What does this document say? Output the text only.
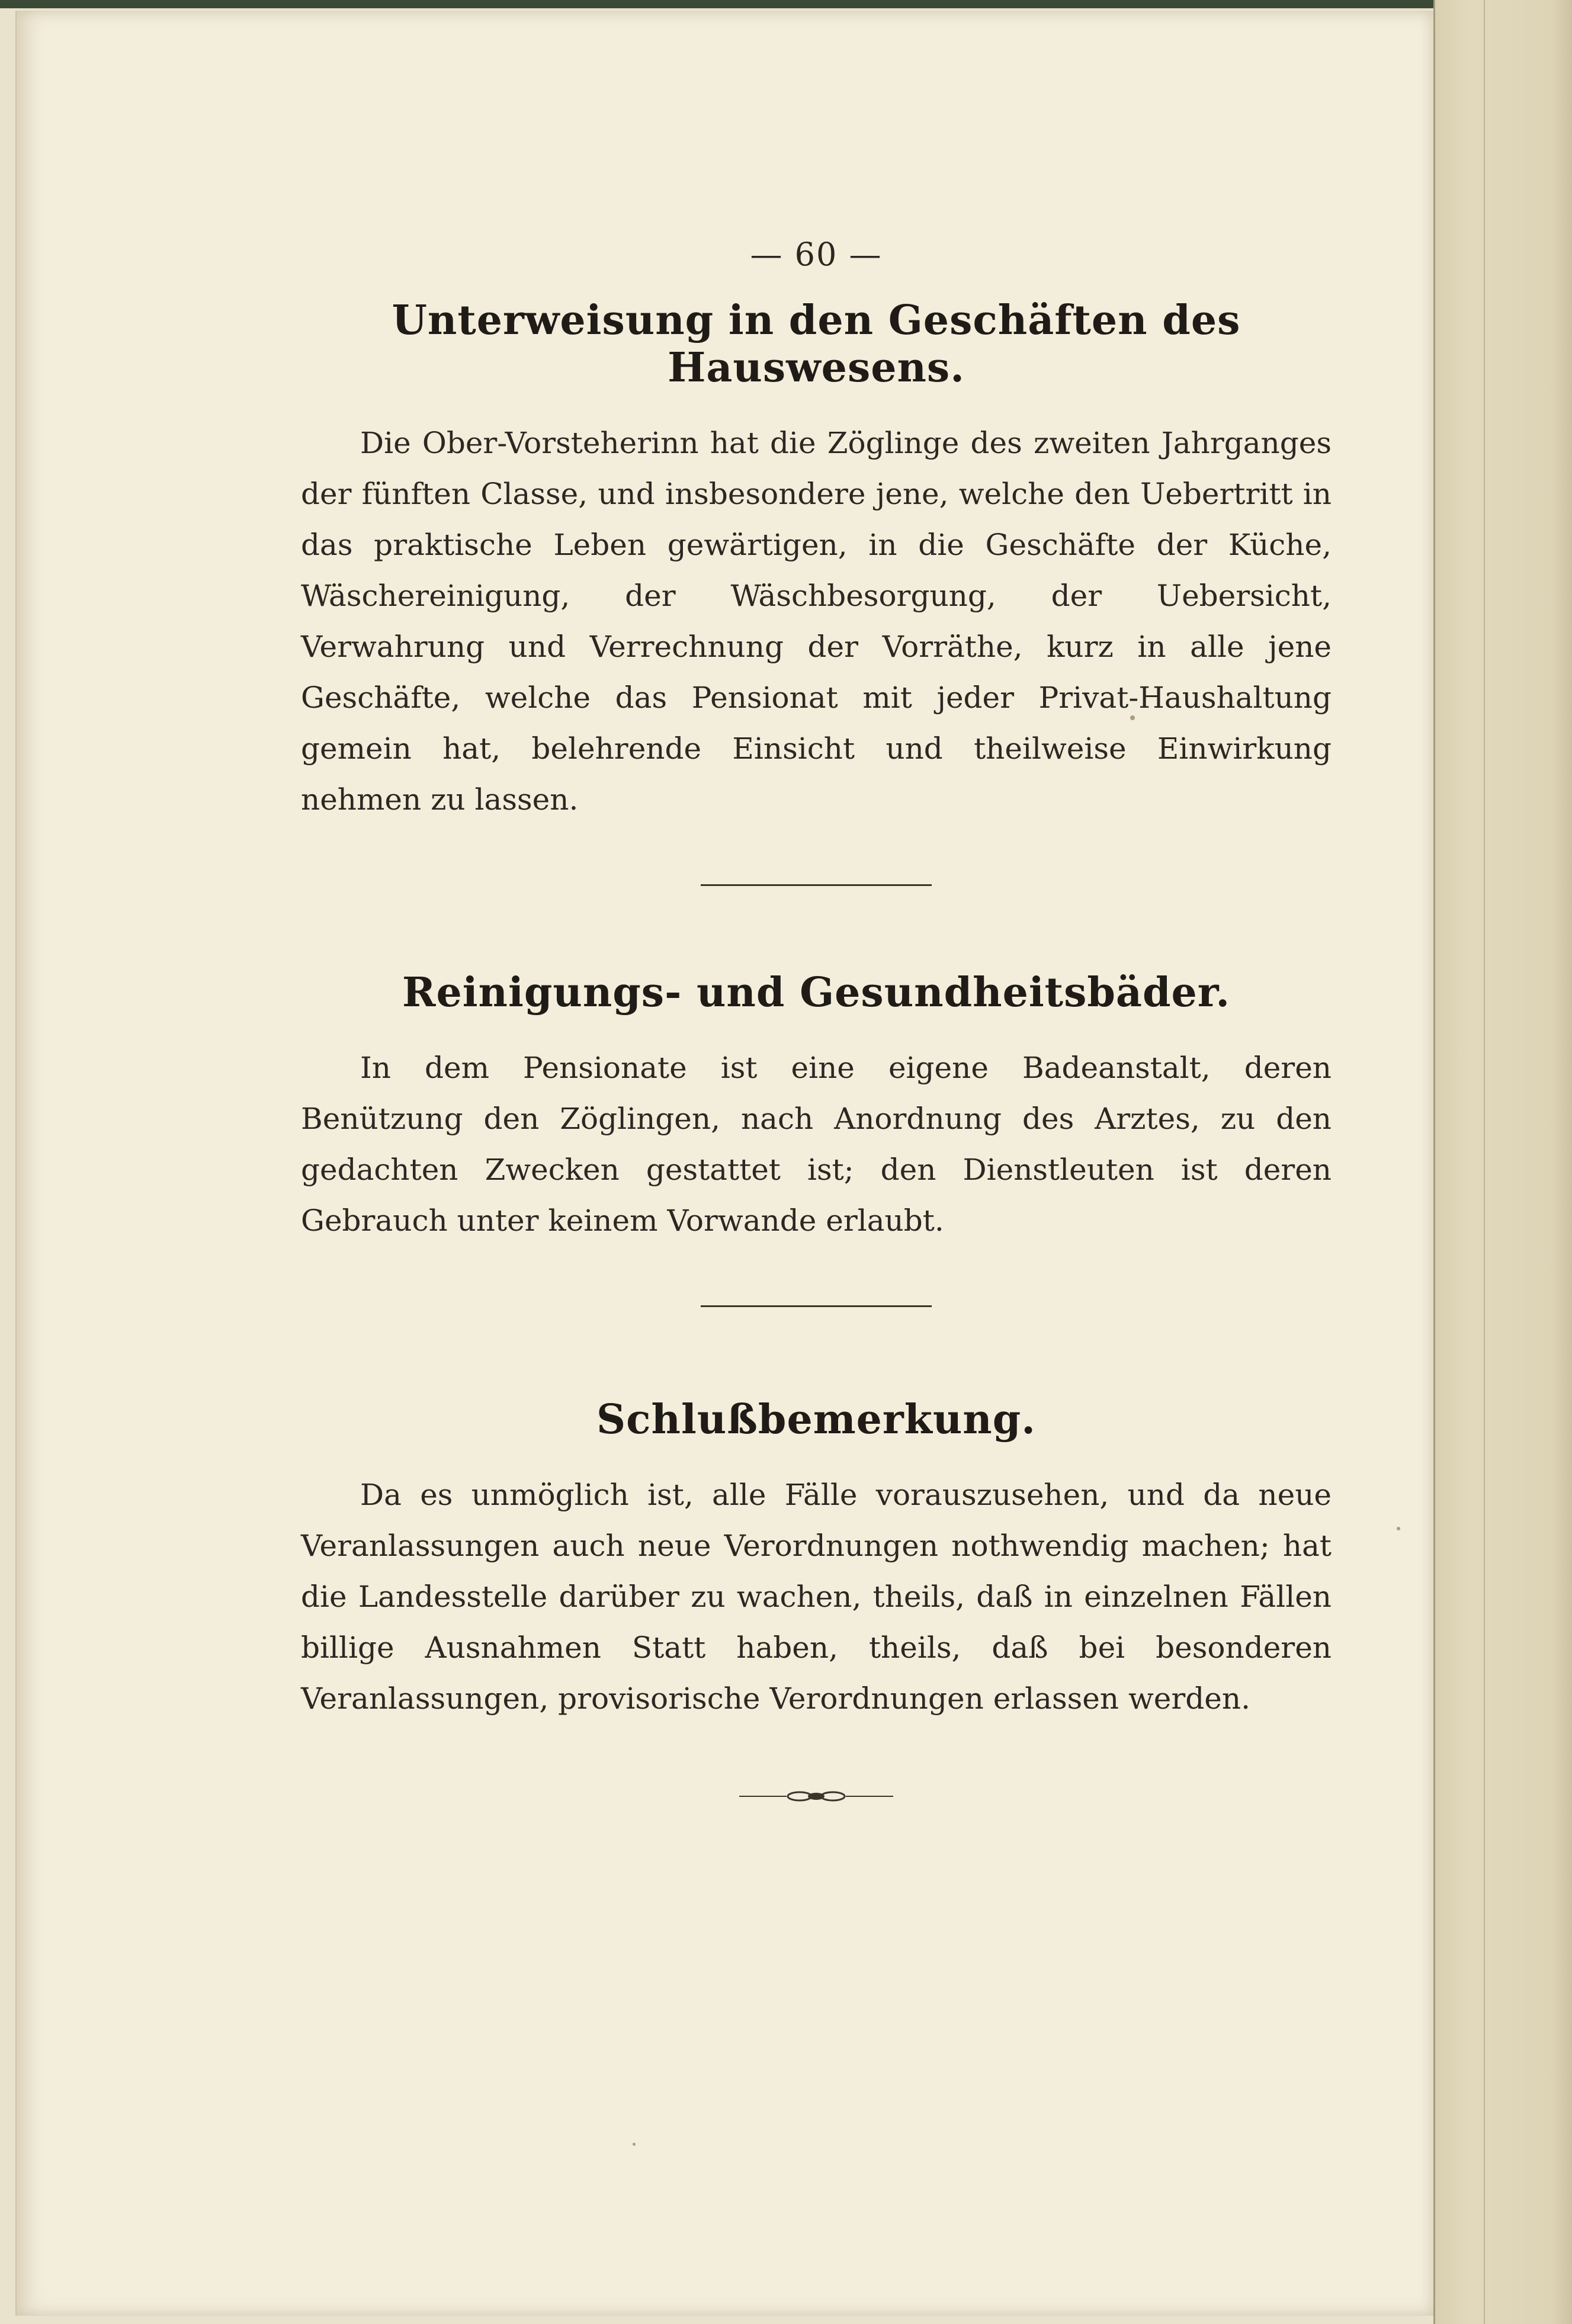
— 60 —

Unterweisung in den Geschäften des Hauswesens.

Die Ober-Vorsteherinn hat die Zöglinge des zweiten Jahrganges der fünften Classe, und insbesondere jene, welche den Uebertritt in das praktische Leben gewärtigen, in die Geschäfte der Küche, Wäschereinigung, der Wäschbesorgung, der Uebersicht, Verwahrung und Verrechnung der Vorräthe, kurz in alle jene Geschäfte, welche das Pensionat mit jeder Privat-Haushaltung gemein hat, belehrende Einsicht und theilweise Einwirkung nehmen zu lassen.

Reinigungs- und Gesundheitsbäder.

In dem Pensionate ist eine eigene Badeanstalt, deren Benützung den Zöglingen, nach Anordnung des Arztes, zu den gedachten Zwecken gestattet ist; den Dienstleuten ist deren Gebrauch unter keinem Vorwande erlaubt.

Schlußbemerkung.

Da es unmöglich ist, alle Fälle vorauszusehen, und da neue Veranlassungen auch neue Verordnungen nothwendig machen; hat die Landesstelle darüber zu wachen, theils, daß in einzelnen Fällen billige Ausnahmen Statt haben, theils, daß bei besonderen Veranlassungen, provisorische Verordnungen erlassen werden.
